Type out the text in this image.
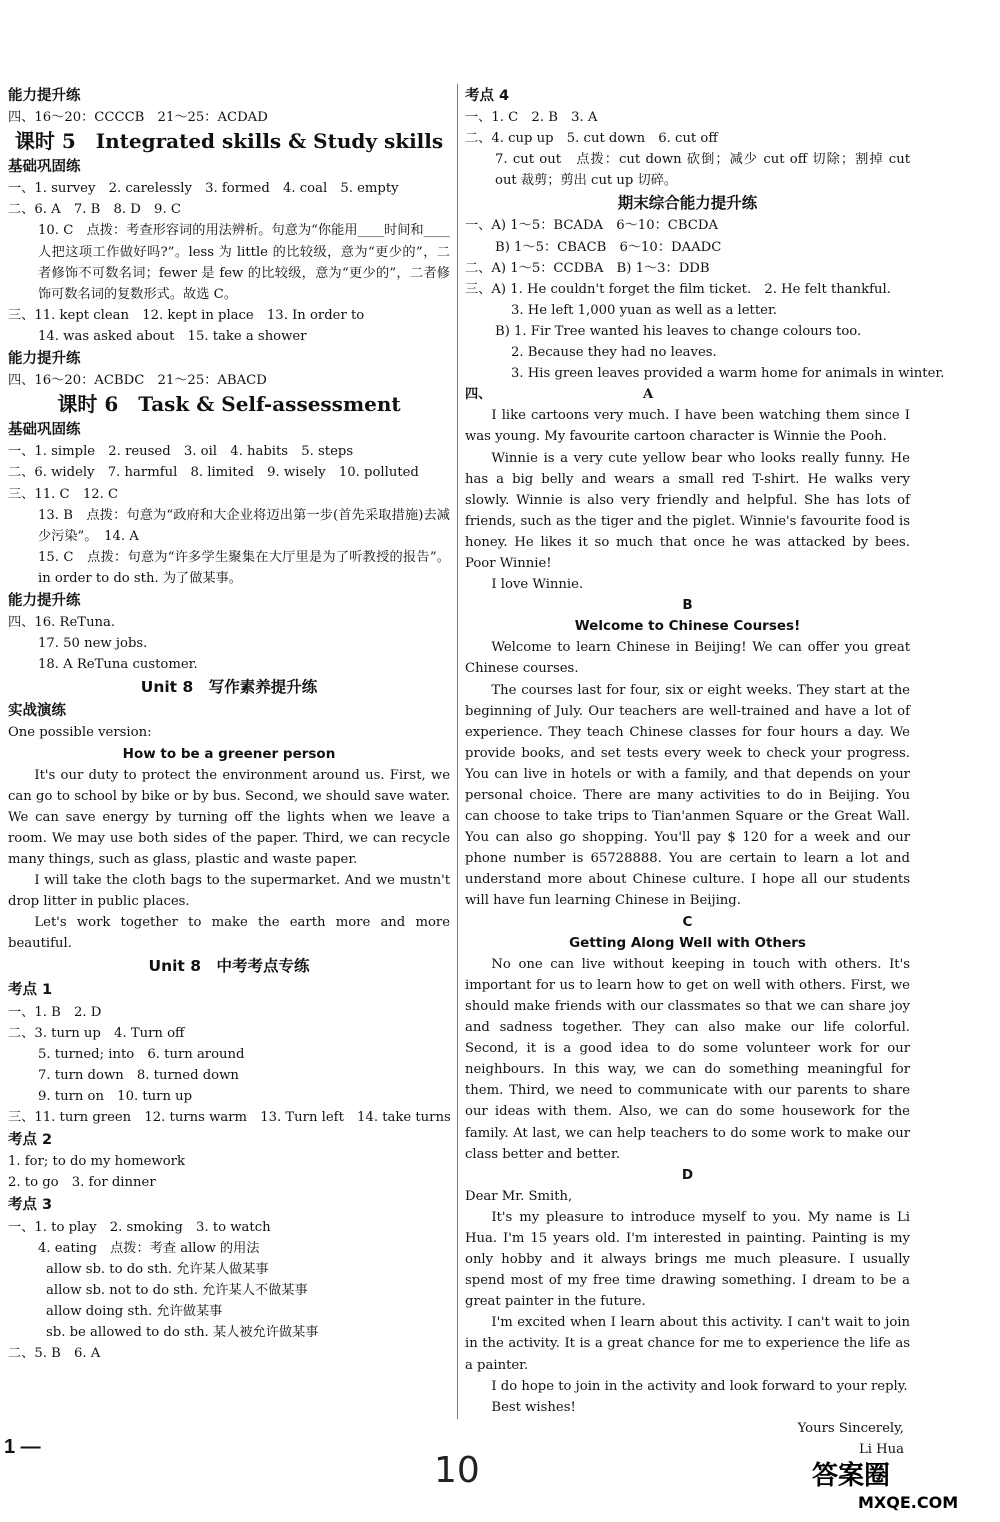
能力提升练
四、16～20：CCCCB　21～25：ACDAD
课时 5　Integrated skills & Study skills
基础巩固练
一、1. survey　2. carelessly　3. formed　4. coal　5. empty
二、6. A　7. B　8. D　9. C
10. C　点拨：考查形容词的用法辨析。句意为“你能用____时间和____人把这项工作做好吗?”。less 为 little 的比较级，意为“更少的”，二者修饰不可数名词；fewer 是 few 的比较级，意为“更少的”，二者修饰可数名词的复数形式。故选 C。
三、11. kept clean　12. kept in place　13. In order to
14. was asked about　15. take a shower
能力提升练
四、16～20：ACBDC　21～25：ABACD
课时 6　Task & Self-assessment
基础巩固练
一、1. simple　2. reused　3. oil　4. habits　5. steps
二、6. widely　7. harmful　8. limited　9. wisely　10. polluted
三、11. C　12. C
13. B　点拨：句意为“政府和大企业将迈出第一步(首先采取措施)去减少污染”。　14. A
15. C　点拨：句意为“许多学生聚集在大厅里是为了听教授的报告”。in order to do sth. 为了做某事。
能力提升练
四、16. ReTuna.
17. 50 new jobs.
18. A ReTuna customer.
Unit 8　写作素养提升练
实战演练
One possible version:
How to be a greener person
It's our duty to protect the environment around us. First, we can go to school by bike or by bus. Second, we should save water. We can save energy by turning off the lights when we leave a room. We may use both sides of the paper. Third, we can recycle many things, such as glass, plastic and waste paper.
I will take the cloth bags to the supermarket. And we mustn't drop litter in public places.
Let's work together to make the earth more and more beautiful.
Unit 8　中考考点专练
考点 1
一、1. B　2. D
二、3. turn up　4. Turn off
5. turned; into　6. turn around
7. turn down　8. turned down
9. turn on　10. turn up
三、11. turn green　12. turns warm　13. Turn left　14. take turns
考点 2
1. for; to do my homework
2. to go　3. for dinner
考点 3
一、1. to play　2. smoking　3. to watch
4. eating　点拨：考查 allow 的用法
allow sb. to do sth. 允许某人做某事
allow sb. not to do sth. 允许某人不做某事
allow doing sth. 允许做某事
sb. be allowed to do sth. 某人被允许做某事
二、5. B　6. A
考点 4
一、1. C　2. B　3. A
二、4. cup up　5. cut down　6. cut off
7. cut out　点拨：cut down 砍倒；减少 cut off 切除；割掉 cut out 裁剪；剪出 cut up 切碎。
期末综合能力提升练
一、A) 1～5：BCADA　6～10：CBCDA
B) 1～5：CBACB　6～10：DAADC
二、A) 1～5：CCDBA　B) 1～3：DDB
三、A) 1. He couldn't forget the film ticket.　2. He felt thankful.
3. He left 1,000 yuan as well as a letter.
B) 1. Fir Tree wanted his leaves to change colours too.
2. Because they had no leaves.
3. His green leaves provided a warm home for animals in winter.
四、　　　　　　　　　　　　A
I like cartoons very much. I have been watching them since I was young. My favourite cartoon character is Winnie the Pooh.
Winnie is a very cute yellow bear who looks really funny. He has a big belly and wears a small red T-shirt. He walks very slowly. Winnie is also very friendly and helpful. She has lots of friends, such as the tiger and the piglet. Winnie's favourite food is honey. He likes it so much that once he was attacked by bees. Poor Winnie!
I love Winnie.
B
Welcome to Chinese Courses!
Welcome to learn Chinese in Beijing! We can offer you great Chinese courses.
The courses last for four, six or eight weeks. They start at the beginning of July. Our teachers are well-trained and have a lot of experience. They teach Chinese classes for four hours a day. We provide books, and set tests every week to check your progress. You can live in hotels or with a family, and that depends on your personal choice. There are many activities to do in Beijing. You can choose to take trips to Tian'anmen Square or the Great Wall. You can also go shopping. You'll pay $ 120 for a week and our phone number is 65728888. You are certain to learn a lot and understand more about Chinese culture. I hope all our students will have fun learning Chinese in Beijing.
C
Getting Along Well with Others
No one can live without keeping in touch with others. It's important for us to learn how to get on well with others. First, we should make friends with our classmates so that we can share joy and sadness together. They can also make our life colorful. Second, it is a good idea to do some volunteer work for our neighbours. In this way, we can do something meaningful for them. Third, we need to communicate with our parents to share our ideas with them. Also, we can do some housework for the family. At last, we can help teachers to do some work to make our class better and better.
D
Dear Mr. Smith,
It's my pleasure to introduce myself to you. My name is Li Hua. I'm 15 years old. I'm interested in painting. Painting is my only hobby and it always brings me much pleasure. I usually spend most of my free time drawing something. I dream to be a great painter in the future.
I'm excited when I learn about this activity. I can't wait to join in the activity. It is a great chance for me to experience the life as a painter.
I do hope to join in the activity and look forward to your reply.
Best wishes!
Yours Sincerely,
Li Hua
1 —
10	答案圈
MXQE.COM
